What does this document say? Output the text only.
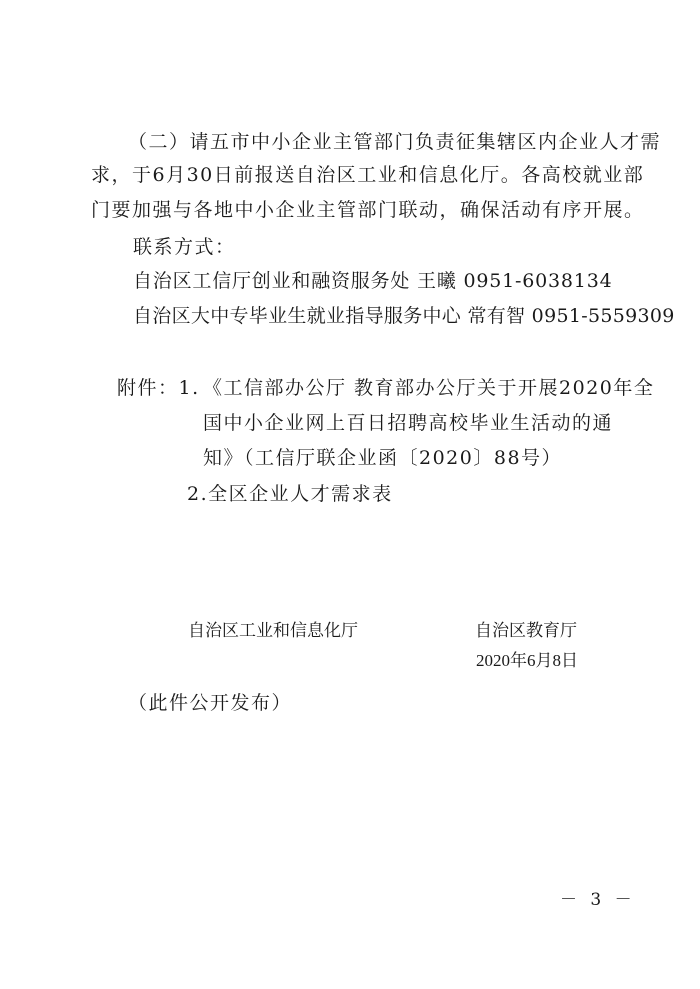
（二）请五市中小企业主管部门负责征集辖区内企业人才需
求，于6月30日前报送自治区工业和信息化厅。各高校就业部
门要加强与各地中小企业主管部门联动，确保活动有序开展。
联系方式：
自治区工信厅创业和融资服务处 王曦 0951-6038134
自治区大中专毕业生就业指导服务中心 常有智 0951-5559309
附件：1. 《工信部办公厅 教育部办公厅关于开展2020年全
国中小企业网上百日招聘高校毕业生活动的通
知》（工信厅联企业函〔2020〕88号）
2.全区企业人才需求表
自治区工业和信息化厅	自治区教育厅
2020年6月8日
（此件公开发布）
－ 3 －
